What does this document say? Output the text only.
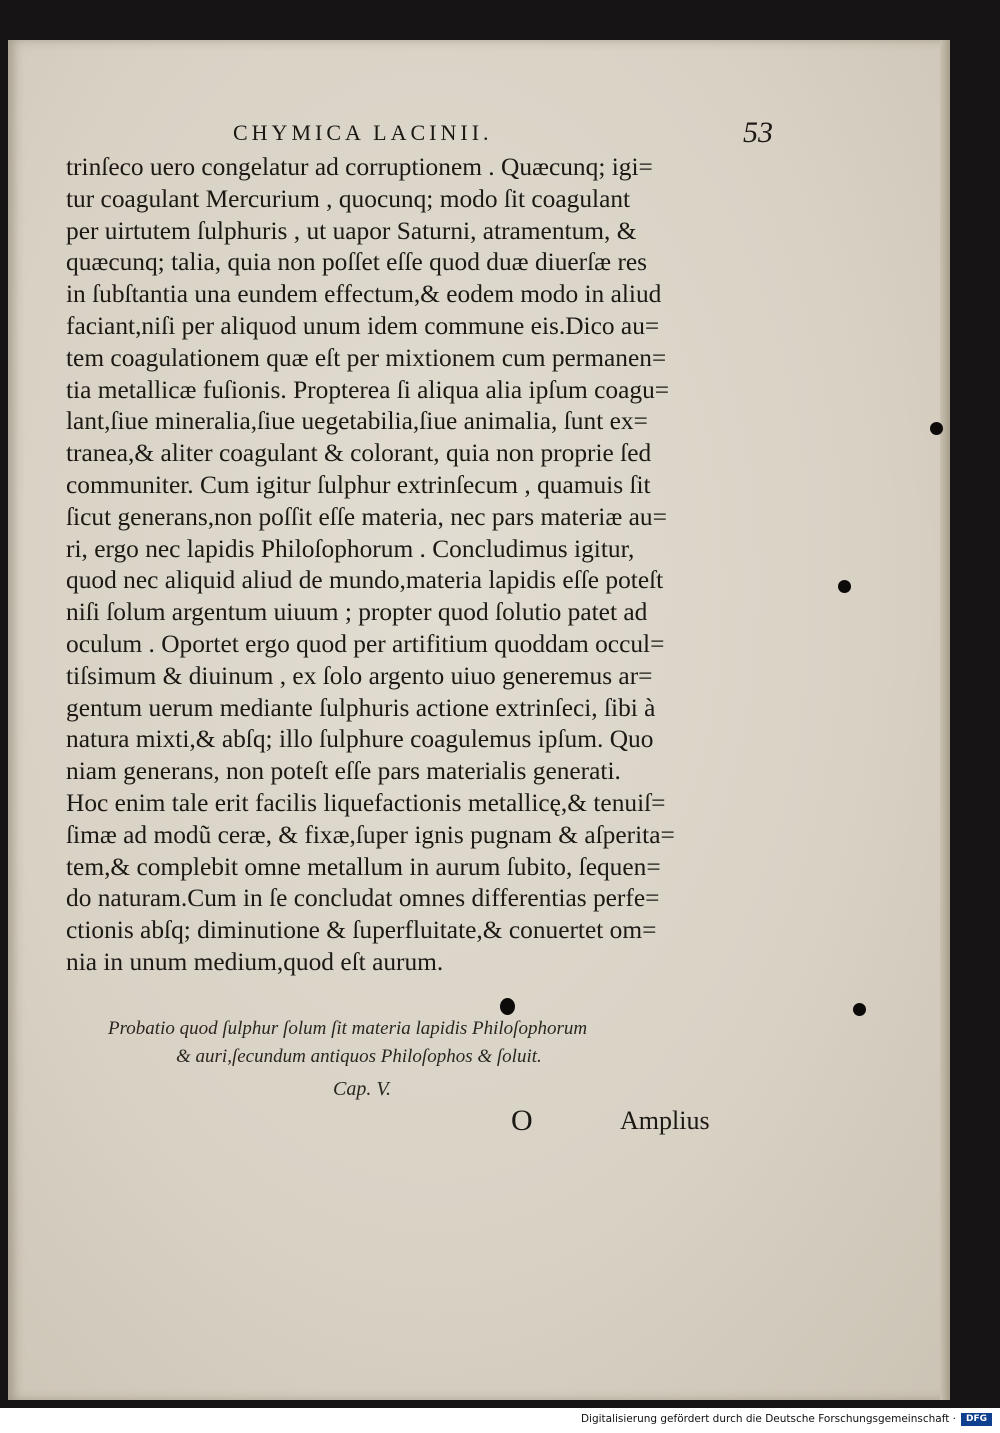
CHYMICA LACINII.	53
trinſeco uero congelatur ad corruptionem . Quæcunq; igi=
tur coagulant Mercurium , quocunq; modo ſit coagulant
per uirtutem ſulphuris , ut uapor Saturni, atramentum, &
quæcunq; talia, quia non poſſet eſſe quod duæ diuerſæ res
in ſubſtantia una eundem effectum,& eodem modo in aliud
faciant,niſi per aliquod unum idem commune eis.Dico au=
tem coagulationem quæ eſt per mixtionem cum permanen=
tia metallicæ fuſionis. Propterea ſi aliqua alia ipſum coagu=
lant,ſiue mineralia,ſiue uegetabilia,ſiue animalia, ſunt ex=
tranea,& aliter coagulant & colorant, quia non proprie ſed
communiter. Cum igitur ſulphur extrinſecum , quamuis ſit
ſicut generans,non poſſit eſſe materia, nec pars materiæ au=
ri, ergo nec lapidis Philoſophorum . Concludimus igitur,
quod nec aliquid aliud de mundo,materia lapidis eſſe poteſt
niſi ſolum argentum uiuum ; propter quod ſolutio patet ad
oculum . Oportet ergo quod per artifitium quoddam occul=
tiſsimum & diuinum , ex ſolo argento uiuo generemus ar=
gentum uerum mediante ſulphuris actione extrinſeci, ſibi à
natura mixti,& abſq; illo ſulphure coagulemus ipſum. Quo
niam generans, non poteſt eſſe pars materialis generati.
Hoc enim tale erit facilis liquefactionis metallicę,& tenuiſ=
ſimæ ad modũ ceræ, & fixæ,ſuper ignis pugnam & aſperita=
tem,& complebit omne metallum in aurum ſubito, ſequen=
do naturam.Cum in ſe concludat omnes differentias perfe=
ctionis abſq; diminutione & ſuperfluitate,& conuertet om=
nia in unum medium,quod eſt aurum.
Probatio quod ſulphur ſolum ſit materia lapidis Philoſophorum
& auri,ſecundum antiquos Philoſophos & ſoluit.
Cap. V.
O	Amplius
Digitalisierung gefördert durch die Deutsche Forschungsgemeinschaft ·	DFG
